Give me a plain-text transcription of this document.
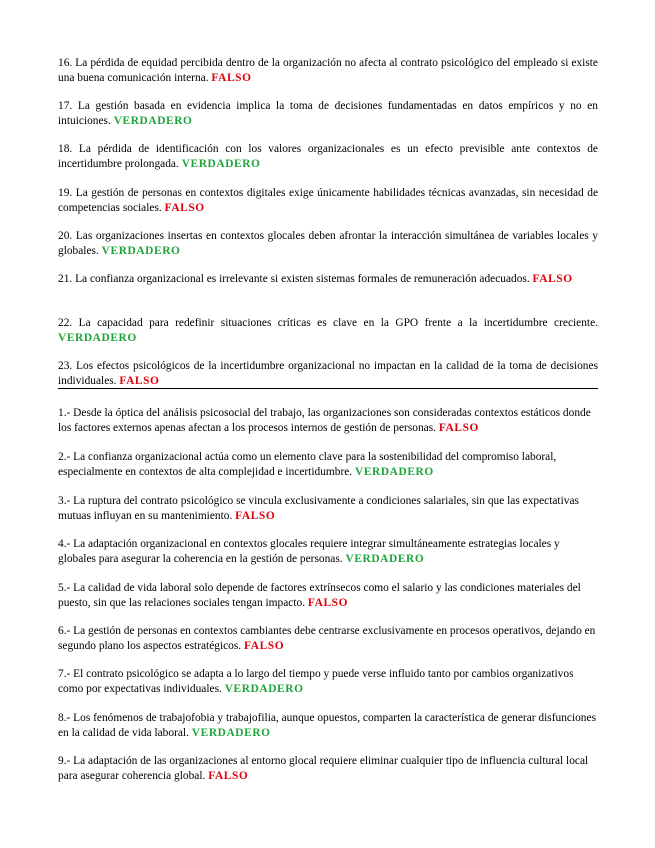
16. La pérdida de equidad percibida dentro de la organización no afecta al contrato psicológico del empleado si existe una buena comunicación interna. FALSO

17. La gestión basada en evidencia implica la toma de decisiones fundamentadas en datos empíricos y no en intuiciones. VERDADERO

18. La pérdida de identificación con los valores organizacionales es un efecto previsible ante contextos de incertidumbre prolongada. VERDADERO

19. La gestión de personas en contextos digitales exige únicamente habilidades técnicas avanzadas, sin necesidad de competencias sociales. FALSO

20. Las organizaciones insertas en contextos glocales deben afrontar la interacción simultánea de variables locales y globales. VERDADERO

21. La confianza organizacional es irrelevante si existen sistemas formales de remuneración adecuados. FALSO

22. La capacidad para redefinir situaciones críticas es clave en la GPO frente a la incertidumbre creciente. VERDADERO

23. Los efectos psicológicos de la incertidumbre organizacional no impactan en la calidad de la toma de decisiones individuales. FALSO

1.- Desde la óptica del análisis psicosocial del trabajo, las organizaciones son consideradas contextos estáticos donde los factores externos apenas afectan a los procesos internos de gestión de personas. FALSO

2.- La confianza organizacional actúa como un elemento clave para la sostenibilidad del compromiso laboral, especialmente en contextos de alta complejidad e incertidumbre. VERDADERO

3.- La ruptura del contrato psicológico se vincula exclusivamente a condiciones salariales, sin que las expectativas mutuas influyan en su mantenimiento. FALSO

4.- La adaptación organizacional en contextos glocales requiere integrar simultáneamente estrategias locales y globales para asegurar la coherencia en la gestión de personas. VERDADERO

5.- La calidad de vida laboral solo depende de factores extrínsecos como el salario y las condiciones materiales del puesto, sin que las relaciones sociales tengan impacto. FALSO

6.- La gestión de personas en contextos cambiantes debe centrarse exclusivamente en procesos operativos, dejando en segundo plano los aspectos estratégicos. FALSO

7.- El contrato psicológico se adapta a lo largo del tiempo y puede verse influido tanto por cambios organizativos como por expectativas individuales. VERDADERO

8.- Los fenómenos de trabajofobia y trabajofilia, aunque opuestos, comparten la característica de generar disfunciones en la calidad de vida laboral. VERDADERO

9.- La adaptación de las organizaciones al entorno glocal requiere eliminar cualquier tipo de influencia cultural local para asegurar coherencia global. FALSO
